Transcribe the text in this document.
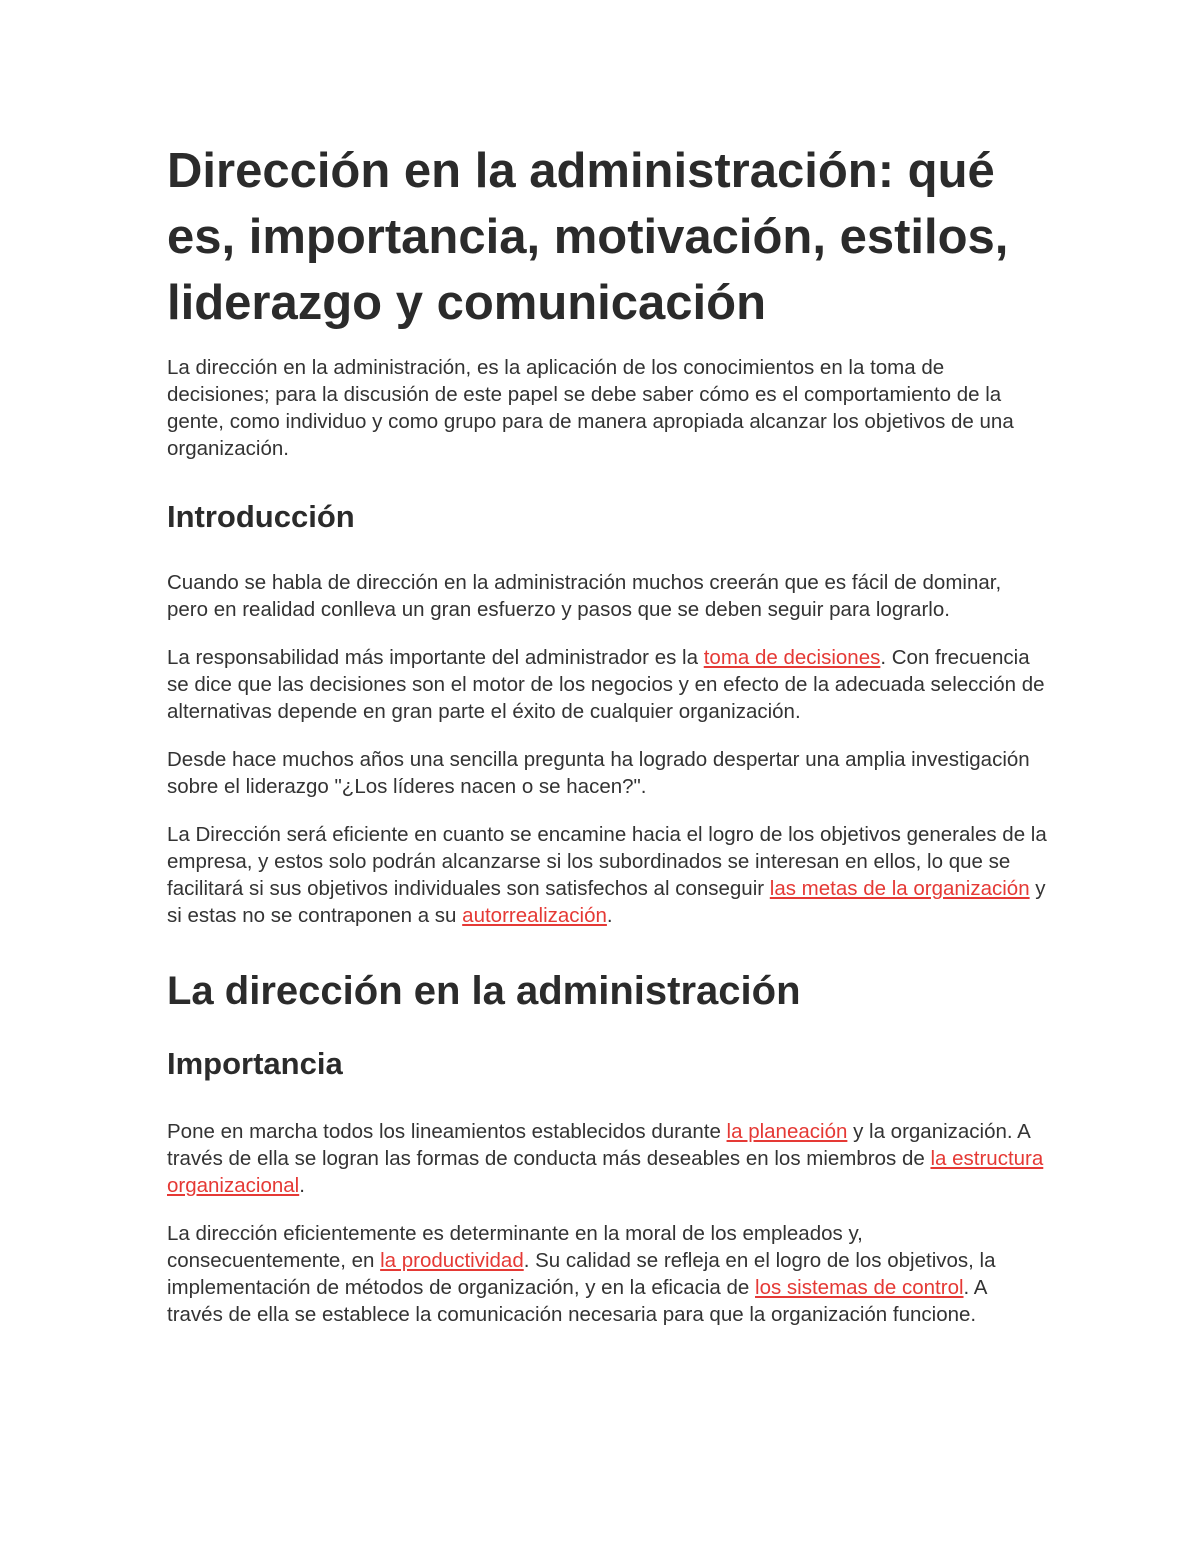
Dirección en la administración: qué es, importancia, motivación, estilos, liderazgo y comunicación

La dirección en la administración, es la aplicación de los conocimientos en la toma de decisiones; para la discusión de este papel se debe saber cómo es el comportamiento de la gente, como individuo y como grupo para de manera apropiada alcanzar los objetivos de una organización.

Introducción

Cuando se habla de dirección en la administración muchos creerán que es fácil de dominar, pero en realidad conlleva un gran esfuerzo y pasos que se deben seguir para lograrlo.

La responsabilidad más importante del administrador es la toma de decisiones. Con frecuencia se dice que las decisiones son el motor de los negocios y en efecto de la adecuada selección de alternativas depende en gran parte el éxito de cualquier organización.

Desde hace muchos años una sencilla pregunta ha logrado despertar una amplia investigación sobre el liderazgo "¿Los líderes nacen o se hacen?".

La Dirección será eficiente en cuanto se encamine hacia el logro de los objetivos generales de la empresa, y estos solo podrán alcanzarse si los subordinados se interesan en ellos, lo que se facilitará si sus objetivos individuales son satisfechos al conseguir las metas de la organización y si estas no se contraponen a su autorrealización.

La dirección en la administración
Importancia

Pone en marcha todos los lineamientos establecidos durante la planeación y la organización. A través de ella se logran las formas de conducta más deseables en los miembros de la estructura organizacional.

La dirección eficientemente es determinante en la moral de los empleados y, consecuentemente, en la productividad. Su calidad se refleja en el logro de los objetivos, la implementación de métodos de organización, y en la eficacia de los sistemas de control. A través de ella se establece la comunicación necesaria para que la organización funcione.
